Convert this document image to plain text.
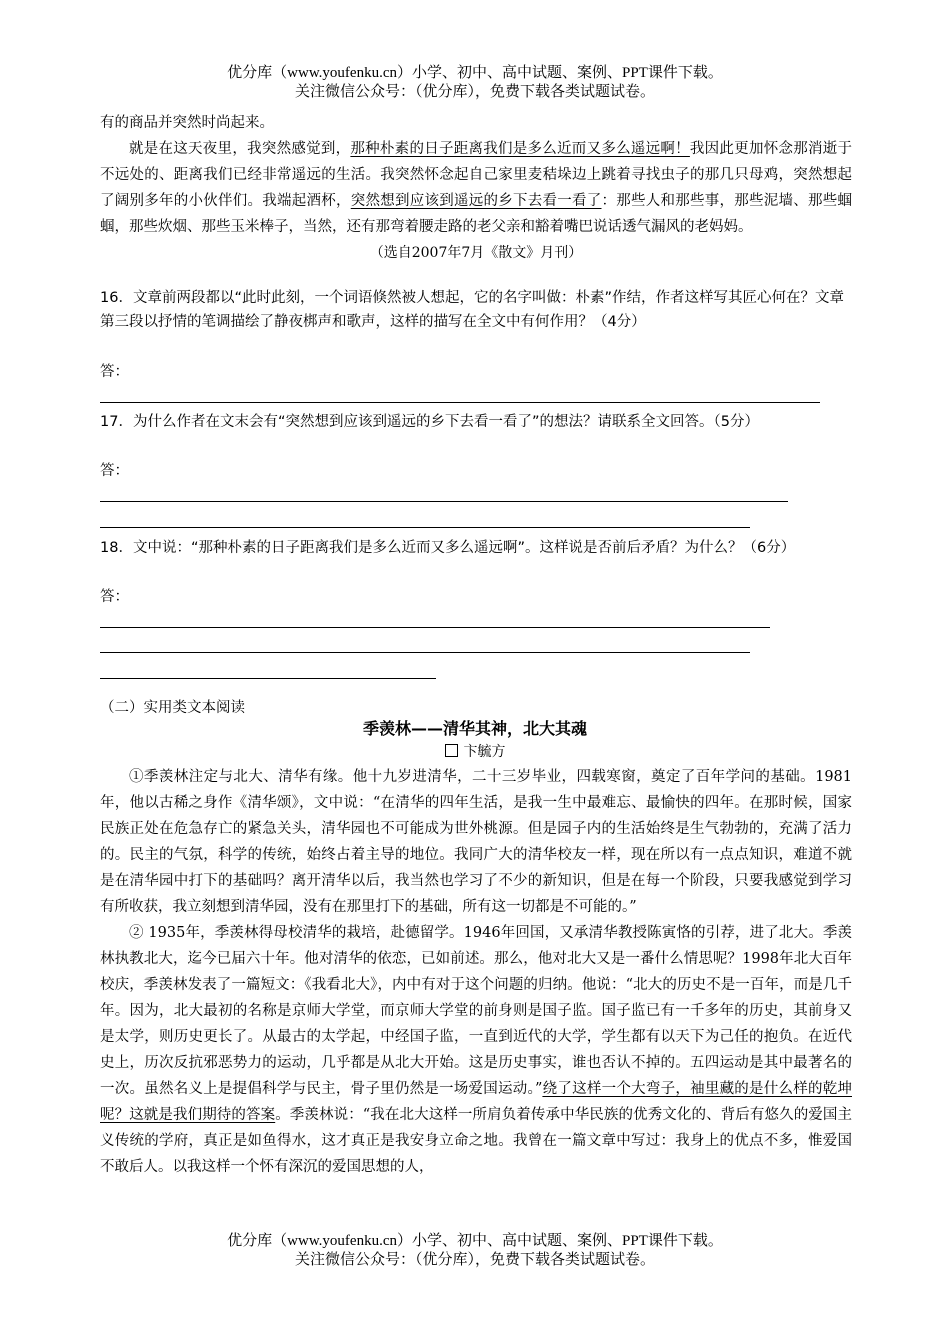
优分库（www.youfenku.cn）小学、初中、高中试题、案例、PPT课件下载。
关注微信公众号：（优分库），免费下载各类试题试卷。

有的商品并突然时尚起来。

就是在这天夜里，我突然感觉到，那种朴素的日子距离我们是多么近而又多么遥远啊！我因此更加怀念那消逝于不远处的、距离我们已经非常遥远的生活。我突然怀念起自己家里麦秸垛边上跳着寻找虫子的那几只母鸡，突然想起了阔别多年的小伙伴们。我端起酒杯，突然想到应该到遥远的乡下去看一看了：那些人和那些事，那些泥墙、那些蝈蝈，那些炊烟、那些玉米棒子，当然，还有那弯着腰走路的老父亲和豁着嘴巴说话透气漏风的老妈妈。

（选自2007年7月《散文》月刊）

16．文章前两段都以“此时此刻，一个词语倏然被人想起，它的名字叫做：朴素”作结，作者这样写其匠心何在？文章第三段以抒情的笔调描绘了静夜梆声和歌声，这样的描写在全文中有何作用？（4分）

答：

17．为什么作者在文末会有“突然想到应该到遥远的乡下去看一看了”的想法？请联系全文回答。（5分）

答：

18．文中说：“那种朴素的日子距离我们是多么近而又多么遥远啊”。这样说是否前后矛盾？为什么？（6分）

答：
（二）实用类文本阅读
季羡林——清华其神，北大其魂
卞毓方

①季羡林注定与北大、清华有缘。他十九岁进清华，二十三岁毕业，四载寒窗，奠定了百年学问的基础。1981年，他以古稀之身作《清华颂》，文中说：“在清华的四年生活，是我一生中最难忘、最愉快的四年。在那时候，国家民族正处在危急存亡的紧急关头，清华园也不可能成为世外桃源。但是园子内的生活始终是生气勃勃的，充满了活力的。民主的气氛，科学的传统，始终占着主导的地位。我同广大的清华校友一样，现在所以有一点点知识，难道不就是在清华园中打下的基础吗？离开清华以后，我当然也学习了不少的新知识，但是在每一个阶段，只要我感觉到学习有所收获，我立刻想到清华园，没有在那里打下的基础，所有这一切都是不可能的。”

② 1935年，季羡林得母校清华的栽培，赴德留学。1946年回国，又承清华教授陈寅恪的引荐，进了北大。季羡林执教北大，迄今已届六十年。他对清华的依恋，已如前述。那么，他对北大又是一番什么情思呢？1998年北大百年校庆，季羡林发表了一篇短文：《我看北大》，内中有对于这个问题的归纳。他说：“北大的历史不是一百年，而是几千年。因为，北大最初的名称是京师大学堂，而京师大学堂的前身则是国子监。国子监已有一千多年的历史，其前身又是太学，则历史更长了。从最古的太学起，中经国子监，一直到近代的大学，学生都有以天下为己任的抱负。在近代史上，历次反抗邪恶势力的运动，几乎都是从北大开始。这是历史事实，谁也否认不掉的。五四运动是其中最著名的一次。虽然名义上是提倡科学与民主，骨子里仍然是一场爱国运动。”绕了这样一个大弯子，袖里藏的是什么样的乾坤呢？这就是我们期待的答案。季羡林说：“我在北大这样一所肩负着传承中华民族的优秀文化的、背后有悠久的爱国主义传统的学府，真正是如鱼得水，这才真正是我安身立命之地。我曾在一篇文章中写过：我身上的优点不多，惟爱国不敢后人。以我这样一个怀有深沉的爱国思想的人，

优分库（www.youfenku.cn）小学、初中、高中试题、案例、PPT课件下载。
关注微信公众号：（优分库），免费下载各类试题试卷。
